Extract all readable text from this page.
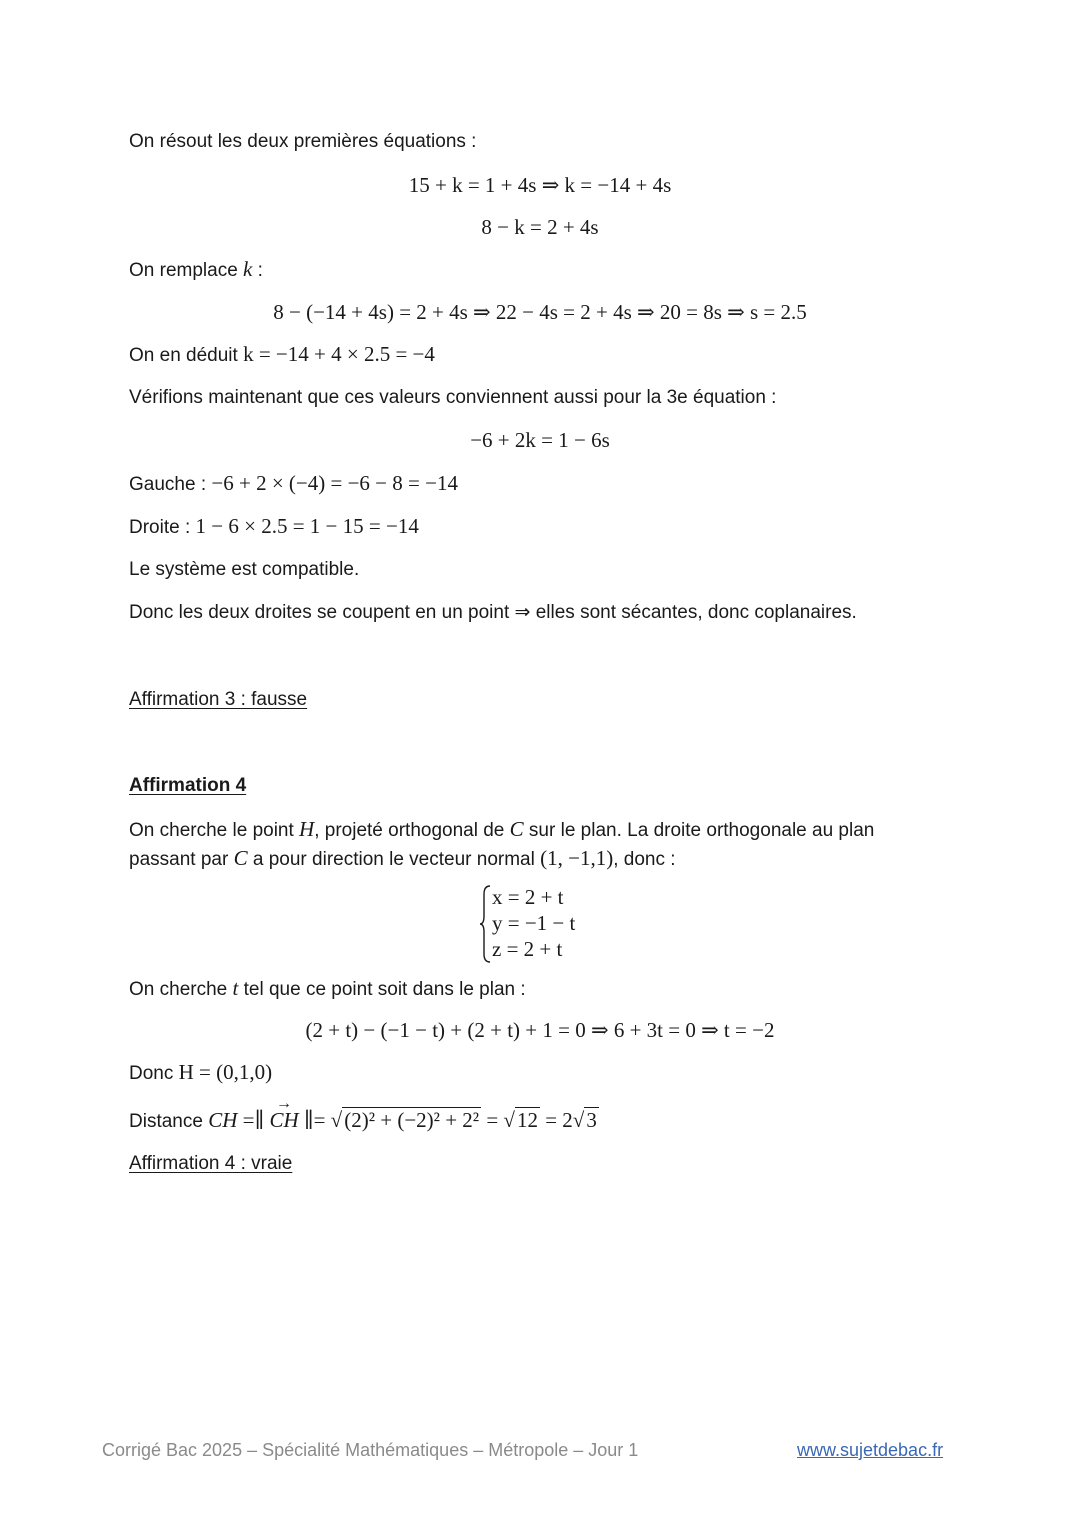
On résout les deux premières équations :
15 + k = 1 + 4s ⇒ k = −14 + 4s
8 − k = 2 + 4s
On remplace k :
8 − (−14 + 4s) = 2 + 4s ⇒ 22 − 4s = 2 + 4s ⇒ 20 = 8s ⇒ s = 2.5
On en déduit k = −14 + 4 × 2.5 = −4
Vérifions maintenant que ces valeurs conviennent aussi pour la 3e équation :
−6 + 2k = 1 − 6s
Gauche : −6 + 2 × (−4) = −6 − 8 = −14
Droite : 1 − 6 × 2.5 = 1 − 15 = −14
Le système est compatible.
Donc les deux droites se coupent en un point ⇒ elles sont sécantes, donc coplanaires.
Affirmation 3 : fausse
Affirmation 4
On cherche le point H, projeté orthogonal de C sur le plan. La droite orthogonale au plan
passant par C a pour direction le vecteur normal (1, −1,1), donc :
x = 2 + t
y = −1 − t
z = 2 + t
On cherche t tel que ce point soit dans le plan :
(2 + t) − (−1 − t) + (2 + t) + 1 = 0 ⇒ 6 + 3t = 0 ⇒ t = −2
Donc H = (0,1,0)
Distance CH =∥ → CH ∥= √(2)² + (−2)² + 2² = √12 = 2√3
Affirmation 4 : vraie
Corrigé Bac 2025 – Spécialité Mathématiques – Métropole – Jour 1	www.sujetdebac.fr
